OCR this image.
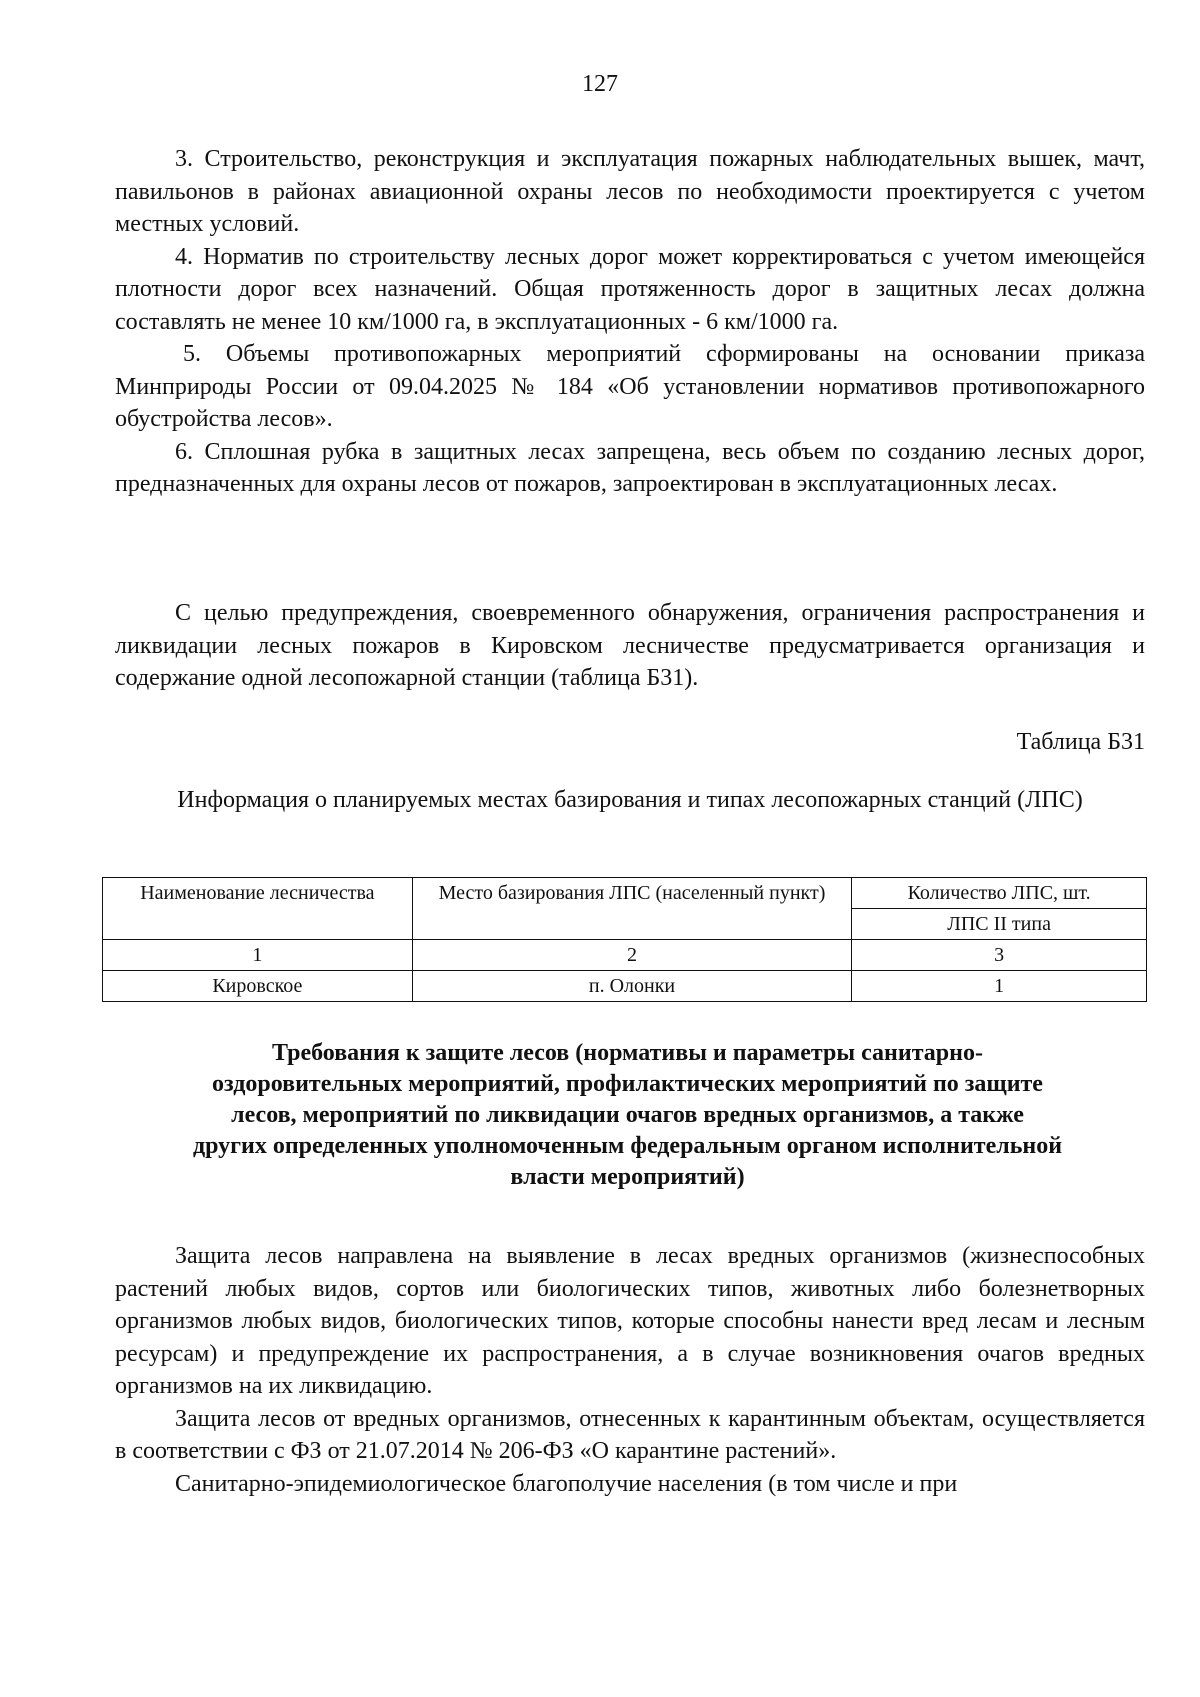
127

3. Строительство, реконструкция и эксплуатация пожарных наблюдательных вышек, мачт, павильонов в районах авиационной охраны лесов по необходимости проектируется с учетом местных условий.

4. Норматив по строительству лесных дорог может корректироваться с учетом имеющейся плотности дорог всех назначений. Общая протяженность дорог в защитных лесах должна составлять не менее 10 км/1000 га, в эксплуатационных - 6 км/1000 га.

5. Объемы противопожарных мероприятий сформированы на основании приказа Минприроды России от 09.04.2025 № 184 «Об установлении нормативов противопожарного обустройства лесов».

6. Сплошная рубка в защитных лесах запрещена, весь объем по созданию лесных дорог, предназначенных для охраны лесов от пожаров, запроектирован в эксплуатационных лесах.

С целью предупреждения, своевременного обнаружения, ограничения распространения и ликвидации лесных пожаров в Кировском лесничестве предусматривается организация и содержание одной лесопожарной станции (таблица Б31).

Таблица Б31

Информация о планируемых местах базирования и типах лесопожарных станций (ЛПС)

Наименование лесничества	Место базирования ЛПС (населенный пункт)	Количество ЛПС, шт.
		ЛПС II типа
1	2	3
Кировское	п. Олонки	1
Требования к защите лесов (нормативы и параметры санитарно-
оздоровительных мероприятий, профилактических мероприятий по защите
лесов, мероприятий по ликвидации очагов вредных организмов, а также
других определенных уполномоченным федеральным органом исполнительной
власти мероприятий)

Защита лесов направлена на выявление в лесах вредных организмов (жизнеспособных растений любых видов, сортов или биологических типов, животных либо болезнетворных организмов любых видов, биологических типов, которые способны нанести вред лесам и лесным ресурсам) и предупреждение их распространения, а в случае возникновения очагов вредных организмов на их ликвидацию.

Защита лесов от вредных организмов, отнесенных к карантинным объектам, осуществляется в соответствии с ФЗ от 21.07.2014 № 206-ФЗ «О карантине растений».

Санитарно-эпидемиологическое благополучие населения (в том числе и при
